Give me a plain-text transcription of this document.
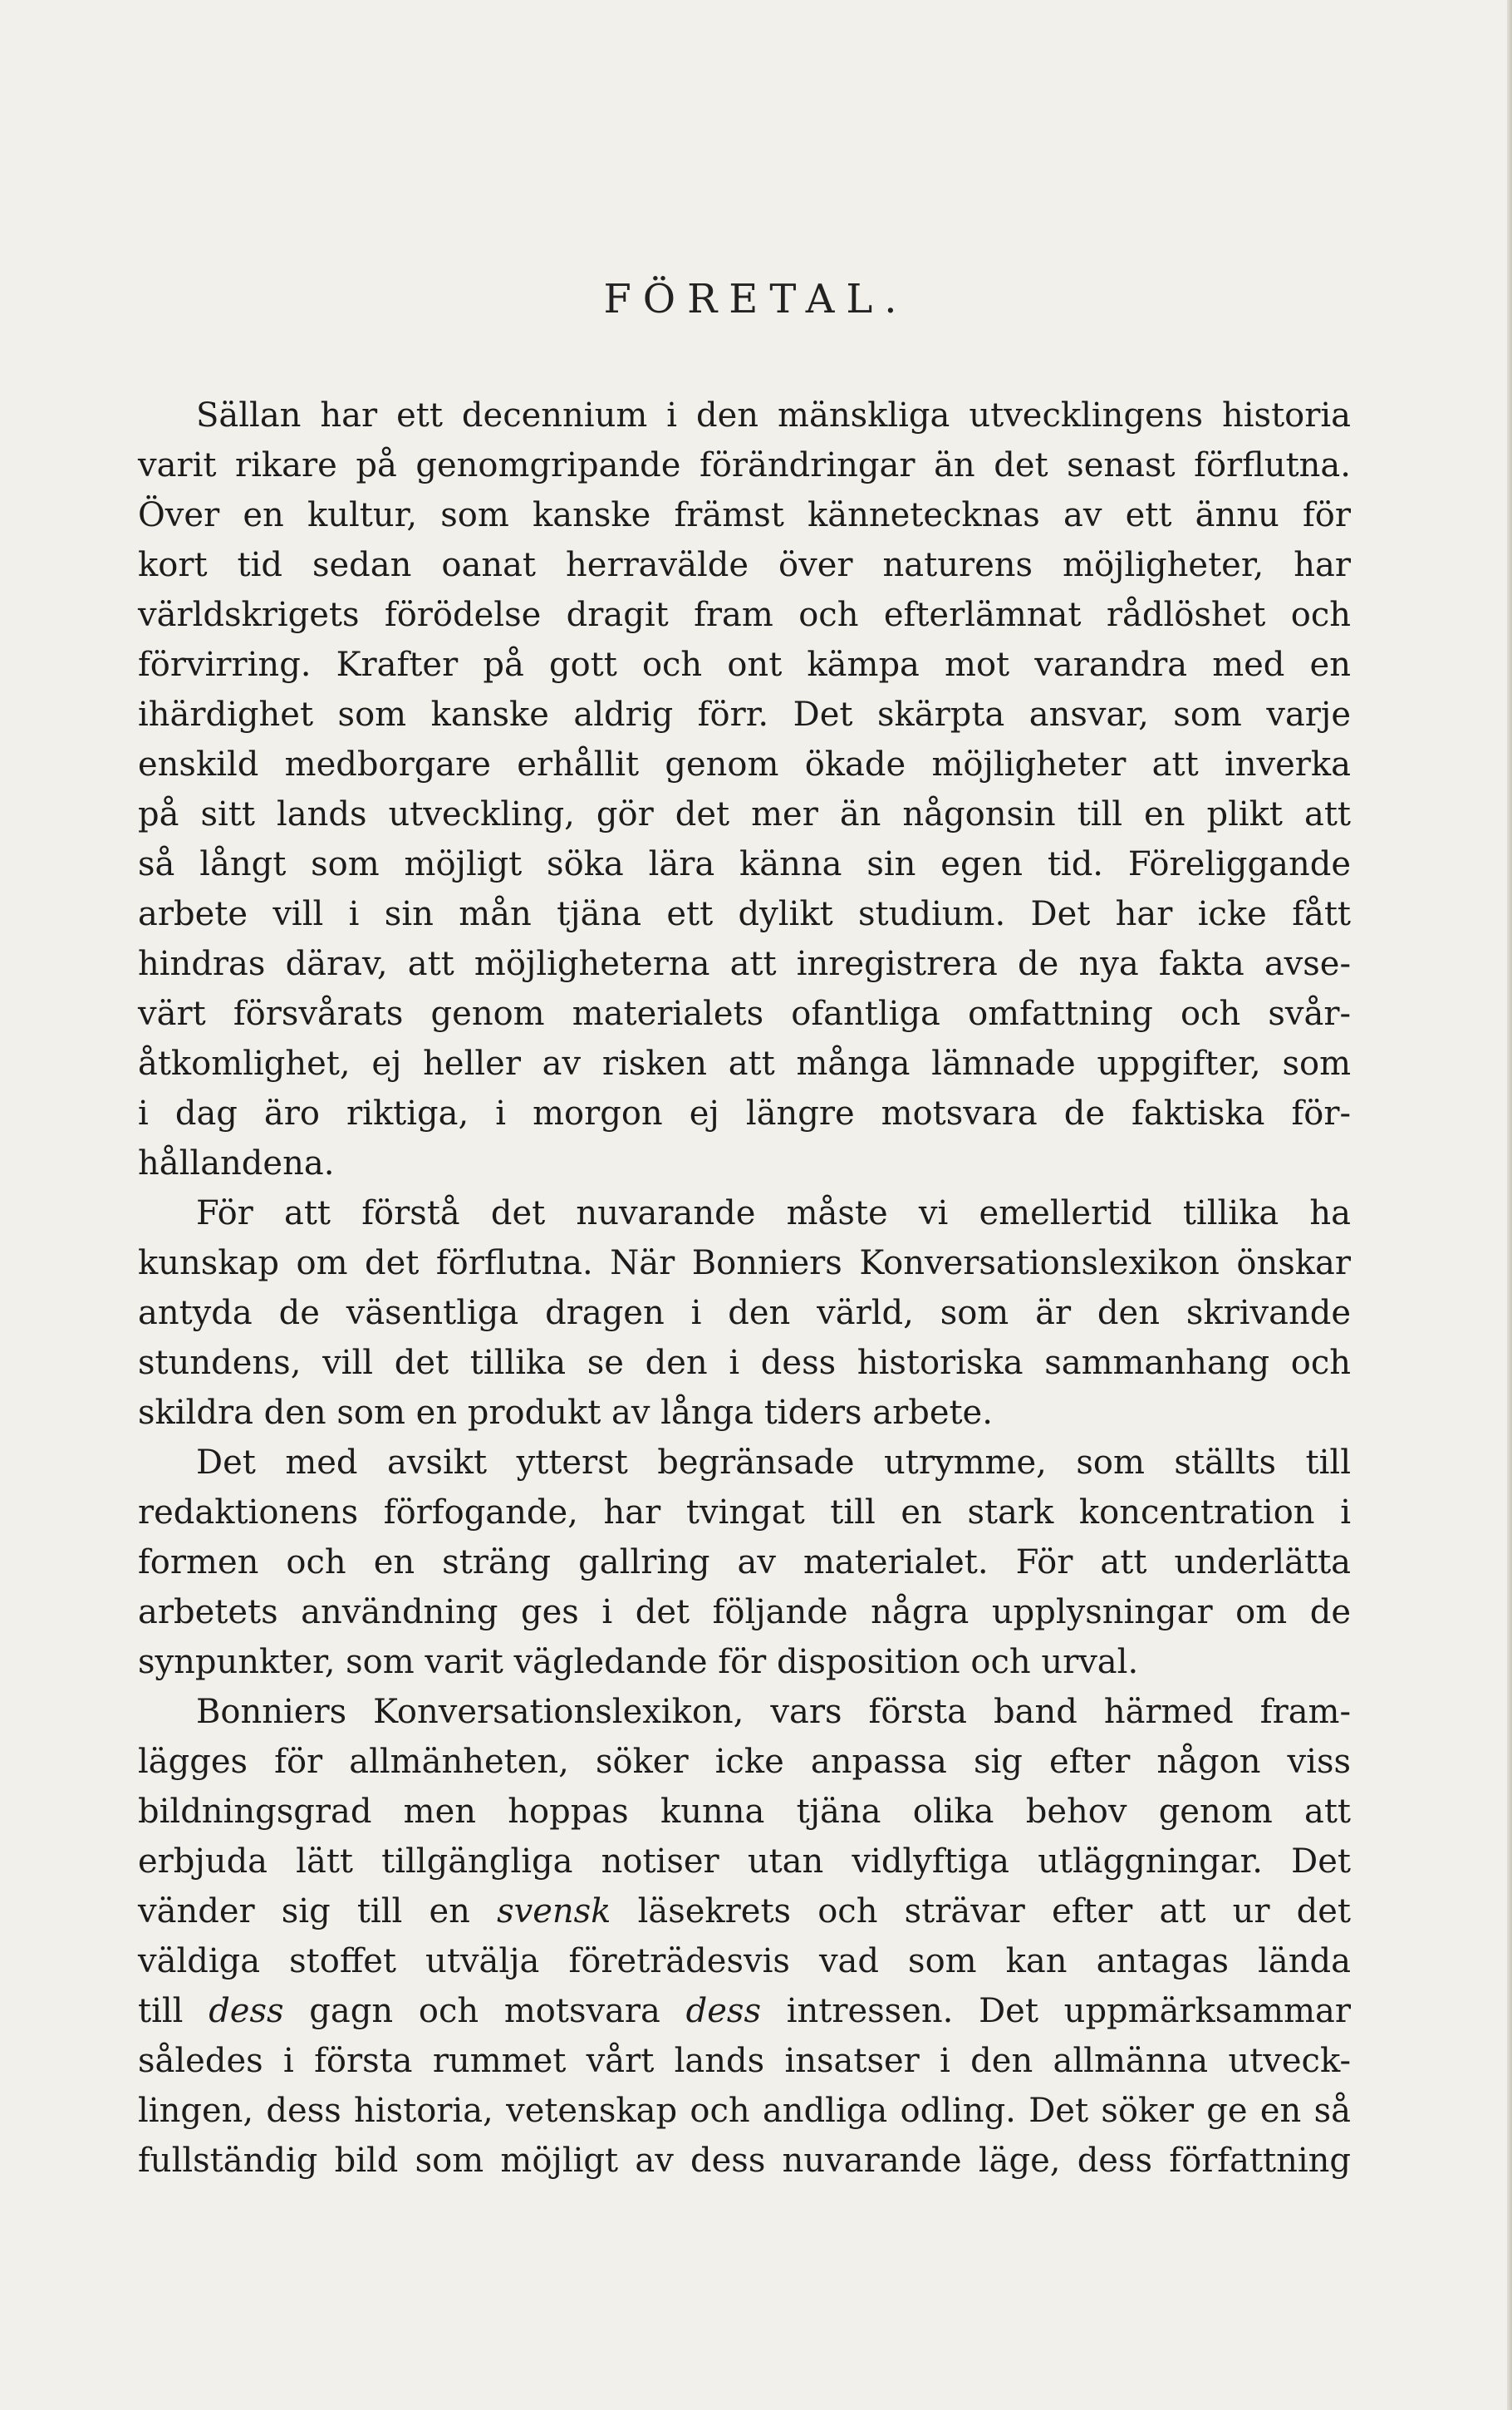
FÖRETAL.
Sällan har ett decennium i den mänskliga utvecklingens historia
varit rikare på genomgripande förändringar än det senast förflutna.
Över en kultur, som kanske främst kännetecknas av ett ännu för
kort tid sedan oanat herravälde över naturens möjligheter, har
världskrigets förödelse dragit fram och efterlämnat rådlöshet och
förvirring. Krafter på gott och ont kämpa mot varandra med en
ihärdighet som kanske aldrig förr. Det skärpta ansvar, som varje
enskild medborgare erhållit genom ökade möjligheter att inverka
på sitt lands utveckling, gör det mer än någonsin till en plikt att
så långt som möjligt söka lära känna sin egen tid. Föreliggande
arbete vill i sin mån tjäna ett dylikt studium. Det har icke fått
hindras därav, att möjligheterna att inregistrera de nya fakta avse-
värt försvårats genom materialets ofantliga omfattning och svår-
åtkomlighet, ej heller av risken att många lämnade uppgifter, som
i dag äro riktiga, i morgon ej längre motsvara de faktiska för-
hållandena.
För att förstå det nuvarande måste vi emellertid tillika ha
kunskap om det förflutna. När Bonniers Konversationslexikon önskar
antyda de väsentliga dragen i den värld, som är den skrivande
stundens, vill det tillika se den i dess historiska sammanhang och
skildra den som en produkt av långa tiders arbete.
Det med avsikt ytterst begränsade utrymme, som ställts till
redaktionens förfogande, har tvingat till en stark koncentration i
formen och en sträng gallring av materialet. För att underlätta
arbetets användning ges i det följande några upplysningar om de
synpunkter, som varit vägledande för disposition och urval.
Bonniers Konversationslexikon, vars första band härmed fram-
lägges för allmänheten, söker icke anpassa sig efter någon viss
bildningsgrad men hoppas kunna tjäna olika behov genom att
erbjuda lätt tillgängliga notiser utan vidlyftiga utläggningar. Det
vänder sig till en svensk läsekrets och strävar efter att ur det
väldiga stoffet utvälja företrädesvis vad som kan antagas lända
till dess gagn och motsvara dess intressen. Det uppmärksammar
således i första rummet vårt lands insatser i den allmänna utveck-
lingen, dess historia, vetenskap och andliga odling. Det söker ge en så
fullständig bild som möjligt av dess nuvarande läge, dess författning
